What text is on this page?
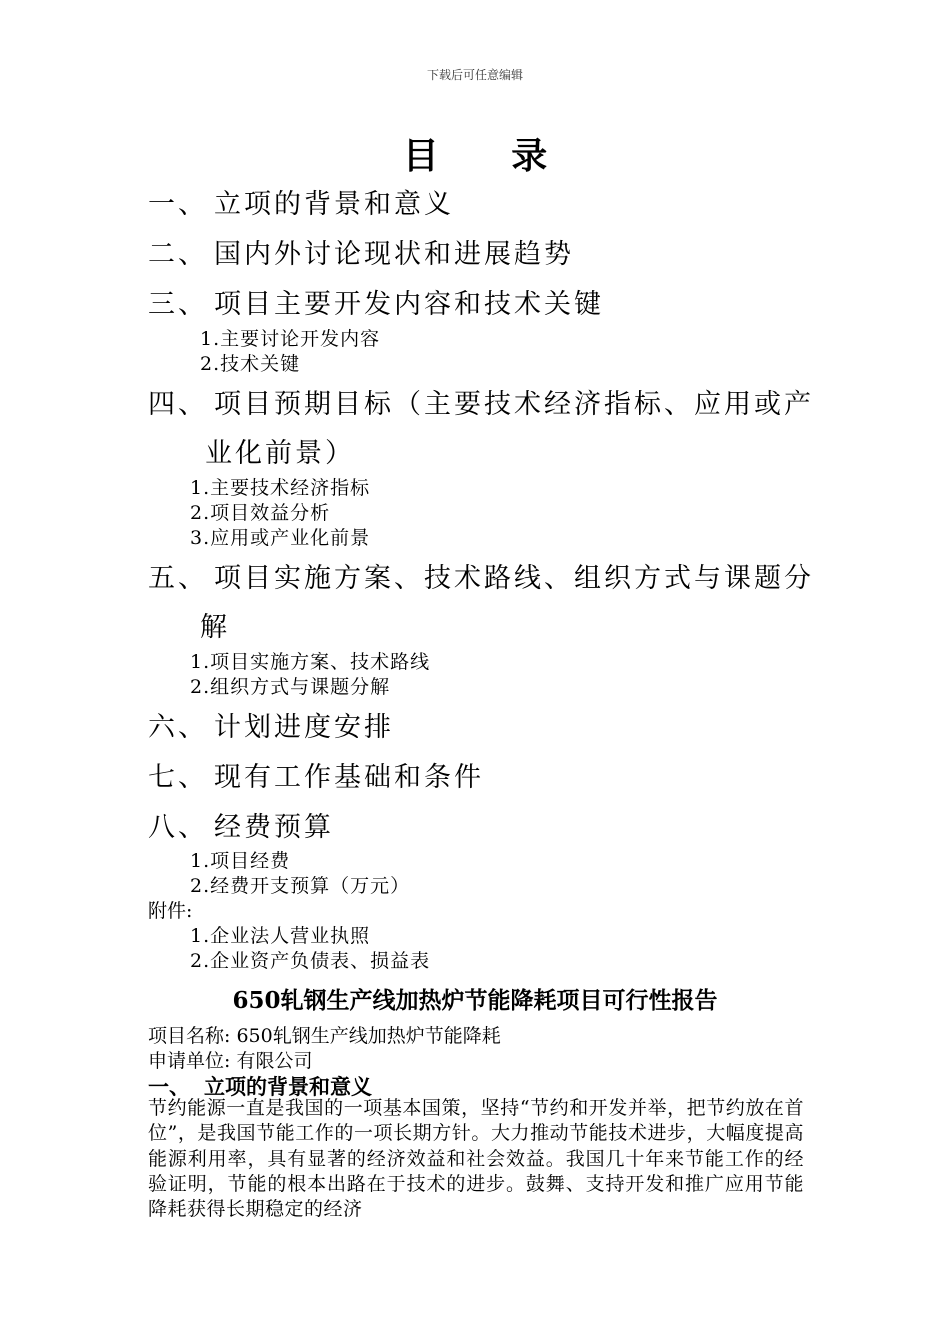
下载后可任意编辑
目 录
一、 立项的背景和意义
二、 国内外讨论现状和进展趋势
三、 项目主要开发内容和技术关键
1.主要讨论开发内容
2.技术关键
四、 项目预期目标（主要技术经济指标、应用或产
业化前景）
1.主要技术经济指标
2.项目效益分析
3.应用或产业化前景
五、 项目实施方案、技术路线、组织方式与课题分
解
1.项目实施方案、技术路线
2.组织方式与课题分解
六、 计划进度安排
七、 现有工作基础和条件
八、 经费预算
1.项目经费
2.经费开支预算（万元）
附件:
1.企业法人营业执照
2.企业资产负债表、损益表
650轧钢生产线加热炉节能降耗项目可行性报告
项目名称: 650轧钢生产线加热炉节能降耗
申请单位: 有限公司
一、 立项的背景和意义
节约能源一直是我国的一项基本国策，坚持“节约和开发并举，把节约放在首位”，是我国节能工作的一项长期方针。大力推动节能技术进步，大幅度提高能源利用率，具有显著的经济效益和社会效益。我国几十年来节能工作的经验证明，节能的根本出路在于技术的进步。鼓舞、支持开发和推广应用节能降耗获得长期稳定的经济
